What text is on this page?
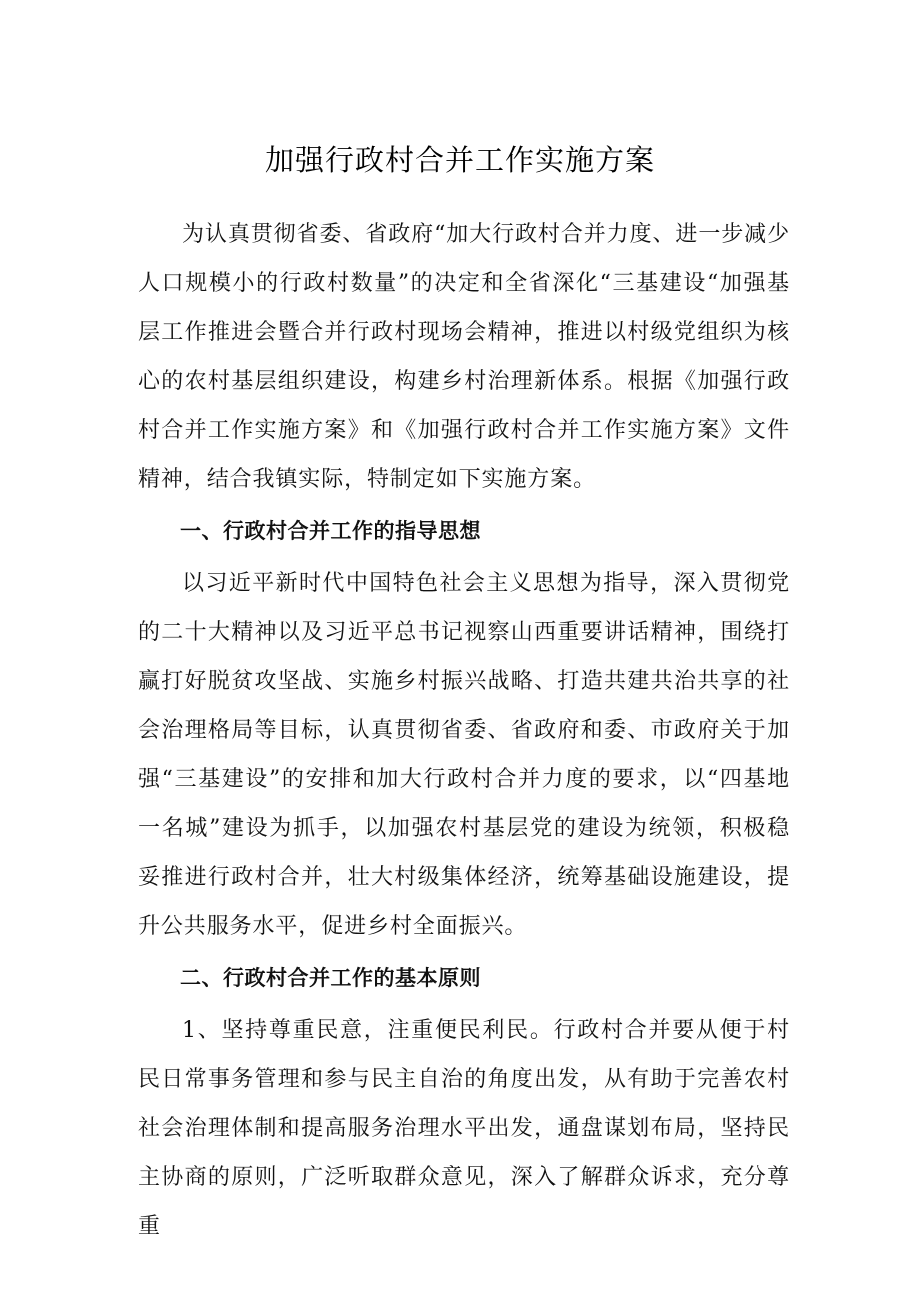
加强行政村合并工作实施方案

为认真贯彻省委、省政府“加大行政村合并力度、进一步减少人口规模小的行政村数量”的决定和全省深化“三基建设“加强基层工作推进会暨合并行政村现场会精神，推进以村级党组织为核心的农村基层组织建设，构建乡村治理新体系。根据《加强行政村合并工作实施方案》和《加强行政村合并工作实施方案》文件精神，结合我镇实际，特制定如下实施方案。

一、行政村合并工作的指导思想

以习近平新时代中国特色社会主义思想为指导，深入贯彻党的二十大精神以及习近平总书记视察山西重要讲话精神，围绕打赢打好脱贫攻坚战、实施乡村振兴战略、打造共建共治共享的社会治理格局等目标，认真贯彻省委、省政府和委、市政府关于加强“三基建设”的安排和加大行政村合并力度的要求，以“四基地一名城”建设为抓手，以加强农村基层党的建设为统领，积极稳妥推进行政村合并，壮大村级集体经济，统筹基础设施建设，提升公共服务水平，促进乡村全面振兴。

二、行政村合并工作的基本原则

1、坚持尊重民意，注重便民利民。行政村合并要从便于村民日常事务管理和参与民主自治的角度出发，从有助于完善农村社会治理体制和提高服务治理水平出发，通盘谋划布局，坚持民主协商的原则，广泛听取群众意见，深入了解群众诉求，充分尊重
